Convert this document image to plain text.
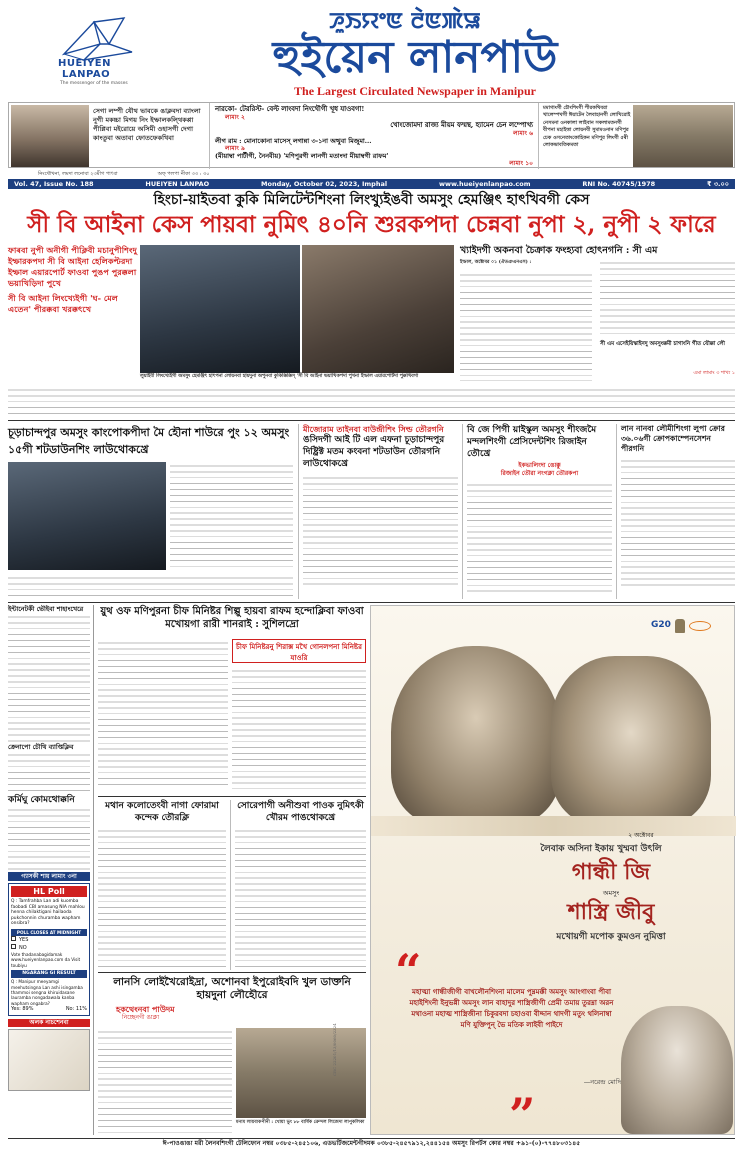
HUEIYEN
LANPAO
The messenger of the masses
ꯍꯨꯏꯌꯦꯟ ꯂꯥꯟꯄꯥꯎ
হুইয়েন লানপাউ
The Largest Circulated Newspaper in Manipur
সেগা লম্পী যৌথ ভাবকে ঙাক্লবদা ব্যাংলা নুগী মকচ্চা মিগয় নিং ইম্ফালকল্থিকপ্পা পীপ্লিবা মইরোয়ে অসিমী ওহাসগী দেগা কাংতুবা অতাবা ফোতফেকখিবা
নারকো- টেররিস্ট- বেল্ট লাংবদা নিংথৌগী খূধ যাওবগা!
লামাং ২
খোংজোমদা রাজ্য মীয়ম ফম্মন্থ, হ্যামেন চেন লম্পোখ্য
লামাং ৬
লীগ রাম : মোনাকোনা মাসেস্‌ লগান্না ৩-১না অত্থুবা মিজুমা...
লামাং ৯
(মীয়াম্বা পার্টীগী, নৈনবীয়) 'মণিপুরগী লানগী মতাংদা মীয়াম্বগী রাফম'
লামাং ১০
মমাগাংগী চৌংশিংগী পীরকথিবরা খালেম্পখগী ঈয়াটেন লৈবাহানগী লোখিরোই নেসমনা ওনকালা লাইবান সকলামতনগী বীপনা মহাইত্তা লোয়নবী সুমামওনান মণিপুর চেক ওসনেতাংকোহিকন মণিপুর লিংগী ৫ৰী লোকভাবতিকমতা
নিংথৌখনা, লমদা লনোবা ২৩মীগ পাৎবা	অফ্‌ পলপা নীকা ৩৩ : ৩০
Vol. 47, Issue No. 188	HUEIYEN LANPAO	Monday, October 02, 2023, Imphal	www.hueiyenlanpao.com	RNI No. 40745/1978	₹ ৩.০০
হিংচা-য়াইতবা কুকি মিলিটেন্টশিংনা লিংখ্যুইঙবী অমসুং হেমঞ্জিৎ হাৎখিবগী কেস
সী বি আইনা কেস পায়বা নুমিৎ ৪০নি শুরকপদা চেন্নবা নুপা ২, নুপী ২ ফারে
ফাৰবা নুপী অনীগী পীক্লিবী মচানুপীশিংদু ইম্ফারকপদা সী বি আইনা হেলিকপ্টরদা ইম্ফাল এয়ারপোর্ট ফাওবা পুঙপ পুরক্কলা ভয়াখিড়িদা পুখে
সী বি আইনা লিংখ্যেইগী 'ঘ- মেল এতেন' পীরক্কবা খরক্কৎখে
লুয়াইবী লিংখ্যেইগী অমসুং হেমঞ্জিৎ হাৎপনা লোয়নবা হায়দুনা অপুনবা কুকিক্কিক্কিস্ 'সী বি আইনা ভয়াখিকপদা পুখনা ইম্ফাল এয়ারপোর্টদা পুক্কখিবগা
খ্যাইদগী অকনবা চৈক্রাক ফংহ্যবা হোৎনগনি : সী এম
ইম্ফাল, অক্টোবর ০১ (ঐতঞএনএস) :
সী এম এসেইয়িস্কাইনদু অমসুংক্কমী চাগাংনি গীত যৌক্কা লৌ
এমা লামাং ৩ শাখ্য ১
চূড়াচান্দপুর অমসুং কাংপোকপীদা মৈ হৌনা শাউরে পুং ১২ অমসুং ১৫গী শটডাউনশিং লাউথোকখ্রে
মীজোরাম তাইনবা বাউন্দ্রীশিং সিল্ড তৌরগনি
ঙসিদগী আই টি এল এফনা চূড়াচান্দপুর দিষ্ট্রিক্ট মতম কংবনা শটডাউন তৌরগনি লাউথোকখ্রে
বি জে পিগী য়াইস্কুল অমসুং শীংজমৈ মন্দলশিংগী প্রেসিদেন্টশিং রিজাইন তৌখ্রে
ইকভালিংদা ঙোক্কু
রিজাইন তৌরা নংগক্লা তৌরকপা
লান নানবা লৌমীশিংগা লুপা ক্রোর ৩৬.০৬গী ক্রোপকাম্পেনসেশন পীরগনি
ইন্টানেটকী ভৌইবা শাহাংখেরে
ক্রেনাপো চৌথি ব্যাপ্তিক্লিব
কর্মিঘু কোমথোক্কনি
গ্যাসকী শায় লামাং ৩না
HL Poll
Q : Tamfrahba Lan adi kuomba faobadi CBI amasung NIA mahlou henna chilaktigani hailaoda pukchonnin churamba wapham onsibra?
POLL CLOSES AT MIDNIGHT
YES
NO
Vote thadanabagidamak www.hueiyenlanpao.com da Visit toubiyu
NGARANG GI RESULT
Q : Manipur meeyamgi meehutsingna Lan ashi isingamba thammoi sengna khiruidasane lauramba nongadawala kanba wapham ongabra?
Yes: 89%	No: 11%
অলক নাচশেনবা
য়ুথ ওফ মণিপুরনা চীফ মিনিষ্টর শিল্পু হায়বা রাফম হন্দোক্লিবা ফাওবা মখোয়গা রারী শানরাই : সুশিলদ্রো
চীফ মিনিষ্টরনু শিরাক্স মখৈ গোনলপনা মিনিষ্টর যাওরি
মথান কলোতেংবী নাগা ফোরামা কন্দেক তৌরক্লি
সোরেপাগী অনীশুবা পাওক নুমিৎকী খৌরম পাঙথোকখ্রে
লানসি লোইখৈরোইদ্রা, অশোনবা ইপুরোইবদি খুল ডাক্তনি হায়দুনা লৌহৌরে
হকথেংনবা পাউদম
নিচ্ছেনগী ঙাক্লা
মনাম লায়বাকপীনী : খোয়া ভুং ৮৮ বার্ষিক ক্রেন্দল লিজেদা লাপুকলিকা
G20
২ অক্টোবর
লৈবাক অসিনা ইকায় খুম্মবা উৎলি
গান্ধী জি
অমসুং
শাস্ত্রি জীবু
মখোয়গী মপোক কুমওন নুমিত্তা
“
মহাত্মা গান্ধীজীগী বাখলৌনশিংনা মালেম পুম্নমক্কী অমসুং আংগাংবা পীবা মহাইশিংনী ইনুভন্নী অমসুং লান বাহাদুর শাস্ত্রিজীগী প্রেমী তমায় তুরম্না অরন মথাওনা মহাত্ম শাস্ত্রিজীনা চিকুরবদা চহাওবা বীদ্দান থাদগী মতুং থলিনাম্বা মণি যুক্তিপুন্‌ ভৈ মতিক লাইবী পাইদে
—নরেন্দ্র মোদি
”
CBC 22201/13/0060/2324
ঈ-পাওঙাঙা মরী লৈনবশিংগী টেলিফোন নম্বর ০৩৮৫-২৪৫১০৬, এডভর্টিজমেন্টগীদমক ০৩৮৫-২৪৫৭৯১২,২৪৪১৫৪ অমসুং রিপর্টস কোর নম্বর +৯১-(০)-৭৭৪৮০৩১৪৫
